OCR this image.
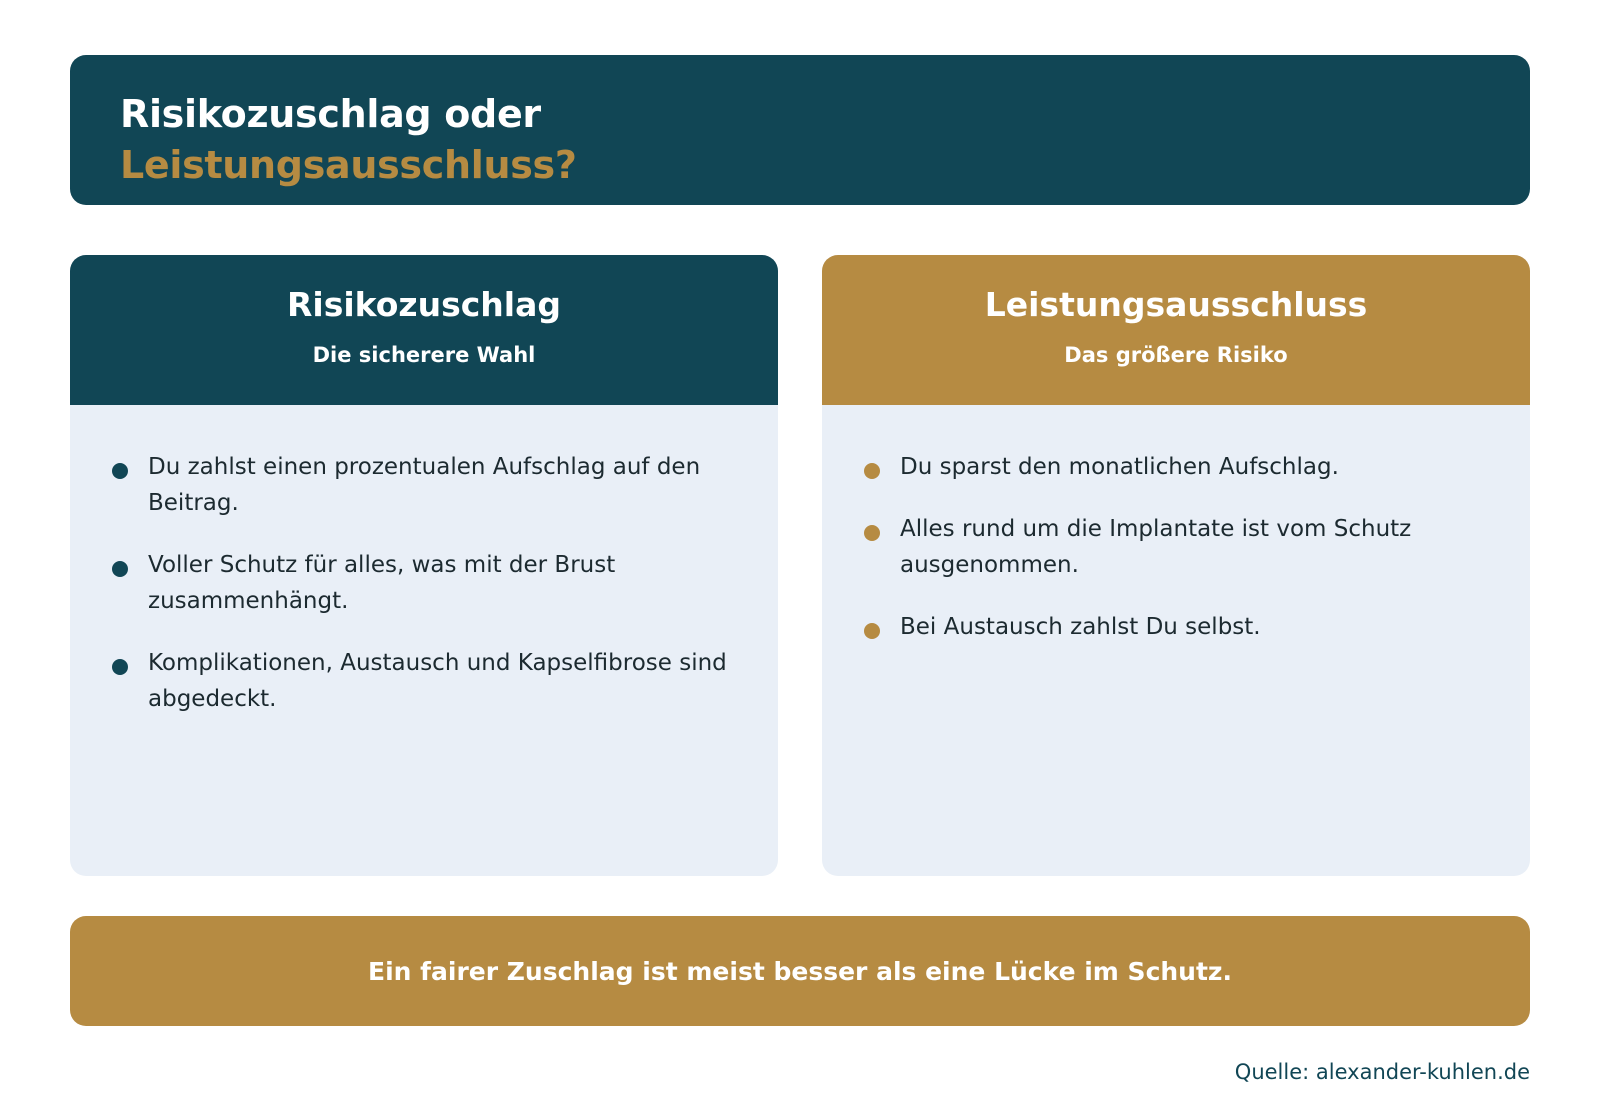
Risikozuschlag oder
Leistungsausschluss?
Risikozuschlag
Die sicherere Wahl
Du zahlst einen prozentualen Aufschlag auf den Beitrag.
Voller Schutz für alles, was mit der Brust zusammenhängt.
Komplikationen, Austausch und Kapselfibrose sind abgedeckt.
Leistungsausschluss
Das größere Risiko
Du sparst den monatlichen Aufschlag.
Alles rund um die Implantate ist vom Schutz ausgenommen.
Bei Austausch zahlst Du selbst.
Ein fairer Zuschlag ist meist besser als eine Lücke im Schutz.
Quelle: alexander-kuhlen.de
